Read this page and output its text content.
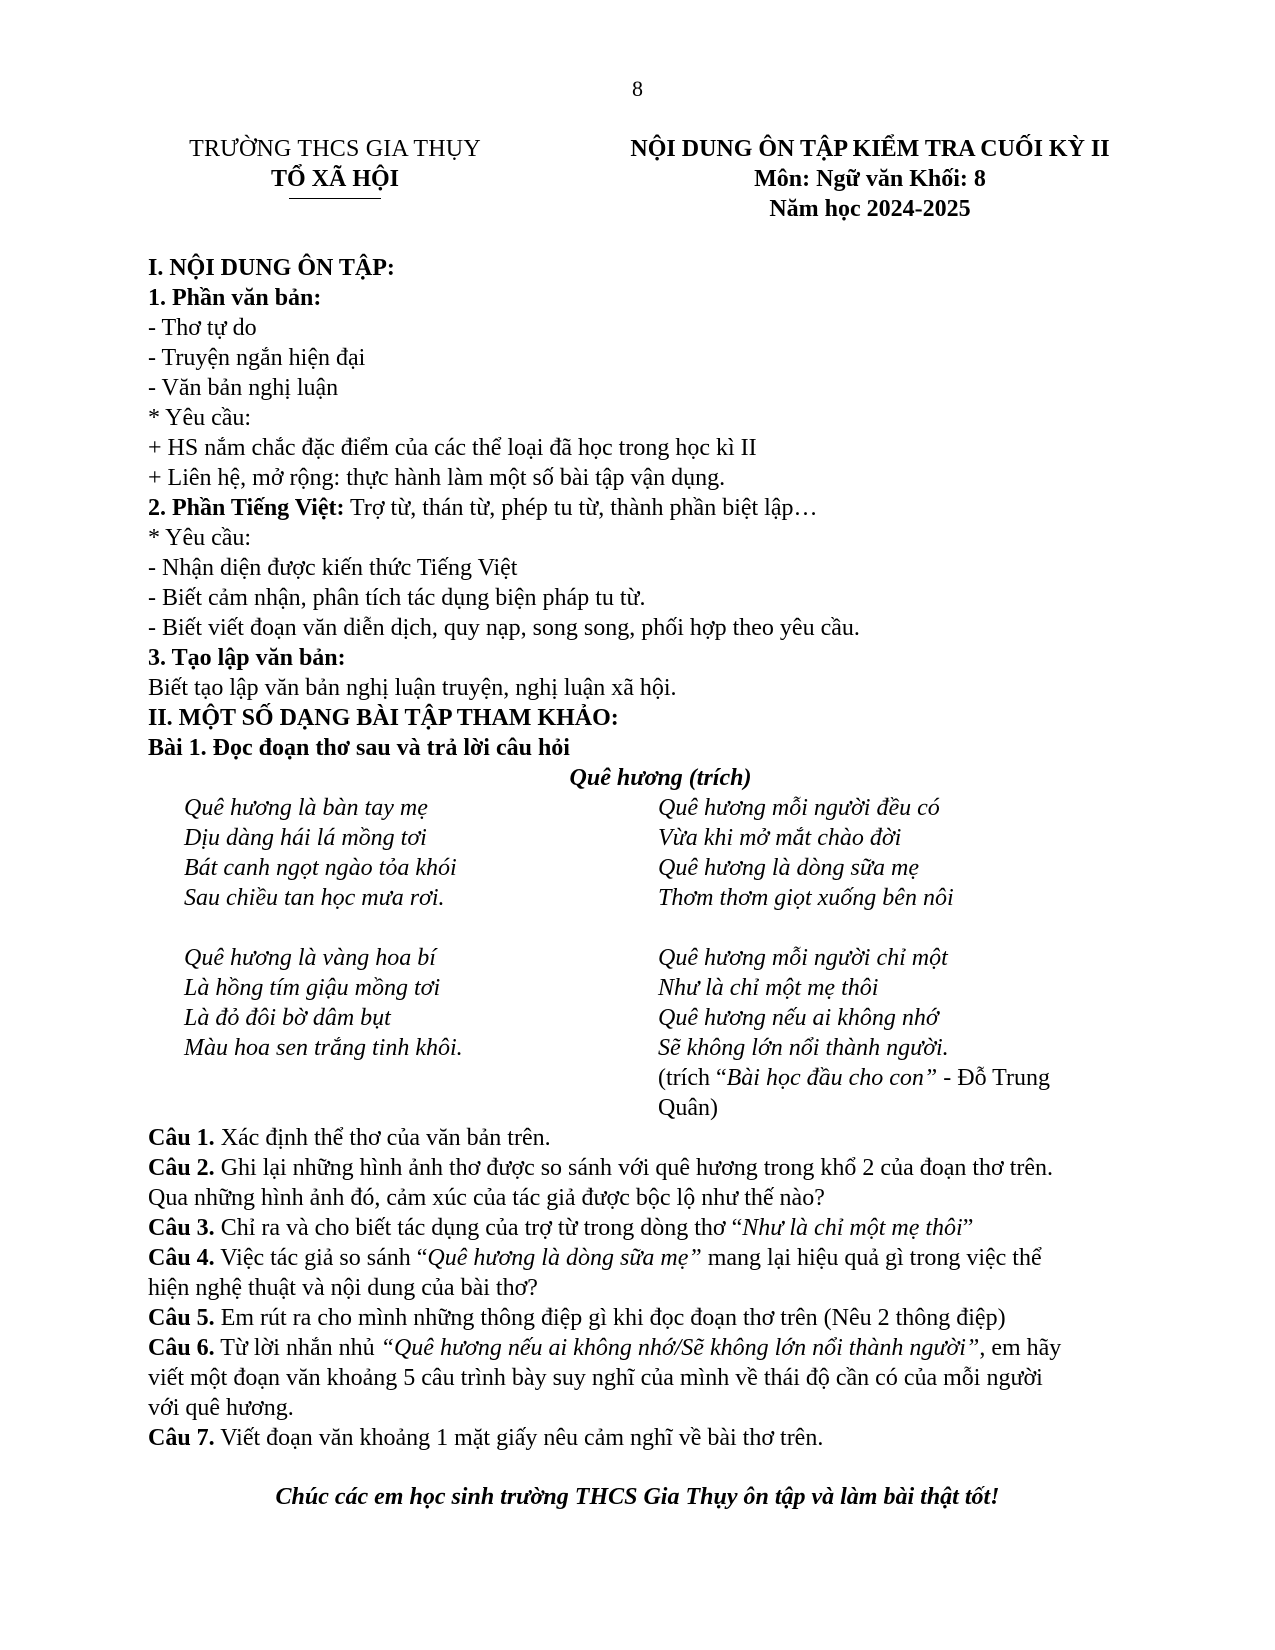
8
TRƯỜNG THCS GIA THỤY
TỔ XÃ HỘI
NỘI DUNG ÔN TẬP KIỂM TRA CUỐI KỲ II
Môn: Ngữ văn Khối: 8
Năm học 2024-2025
I. NỘI DUNG ÔN TẬP:
1. Phần văn bản:
- Thơ tự do
- Truyện ngắn hiện đại
- Văn bản nghị luận
* Yêu cầu:
+ HS nắm chắc đặc điểm của các thể loại đã học trong học kì II
+ Liên hệ, mở rộng: thực hành làm một số bài tập vận dụng.
2. Phần Tiếng Việt: Trợ từ, thán từ, phép tu từ, thành phần biệt lập…
* Yêu cầu:
- Nhận diện được kiến thức Tiếng Việt
- Biết cảm nhận, phân tích tác dụng biện pháp tu từ.
- Biết viết đoạn văn diễn dịch, quy nạp, song song, phối hợp theo yêu cầu.
3. Tạo lập văn bản:
Biết tạo lập văn bản nghị luận truyện, nghị luận xã hội.
II. MỘT SỐ DẠNG BÀI TẬP THAM KHẢO:
Bài 1. Đọc đoạn thơ sau và trả lời câu hỏi
Quê hương (trích)
Quê hương là bàn tay mẹ
Dịu dàng hái lá mồng tơi
Bát canh ngọt ngào tỏa khói
Sau chiều tan học mưa rơi.
Quê hương là vàng hoa bí
Là hồng tím giậu mồng tơi
Là đỏ đôi bờ dâm bụt
Màu hoa sen trắng tinh khôi.
Quê hương mỗi người đều có
Vừa khi mở mắt chào đời
Quê hương là dòng sữa mẹ
Thơm thơm giọt xuống bên nôi
Quê hương mỗi người chỉ một
Như là chỉ một mẹ thôi
Quê hương nếu ai không nhớ
Sẽ không lớn nổi thành người.
(trích “Bài học đầu cho con” - Đỗ Trung
Quân)
Câu 1. Xác định thể thơ của văn bản trên.
Câu 2. Ghi lại những hình ảnh thơ được so sánh với quê hương trong khổ 2 của đoạn thơ trên.
Qua những hình ảnh đó, cảm xúc của tác giả được bộc lộ như thế nào?
Câu 3. Chỉ ra và cho biết tác dụng của trợ từ trong dòng thơ “Như là chỉ một mẹ thôi”
Câu 4. Việc tác giả so sánh “Quê hương là dòng sữa mẹ” mang lại hiệu quả gì trong việc thể
hiện nghệ thuật và nội dung của bài thơ?
Câu 5. Em rút ra cho mình những thông điệp gì khi đọc đoạn thơ trên (Nêu 2 thông điệp)
Câu 6. Từ lời nhắn nhủ “Quê hương nếu ai không nhớ/Sẽ không lớn nổi thành người”, em hãy
viết một đoạn văn khoảng 5 câu trình bày suy nghĩ của mình về thái độ cần có của mỗi người
với quê hương.
Câu 7. Viết đoạn văn khoảng 1 mặt giấy nêu cảm nghĩ về bài thơ trên.
Chúc các em học sinh trường THCS Gia Thụy ôn tập và làm bài thật tốt!
